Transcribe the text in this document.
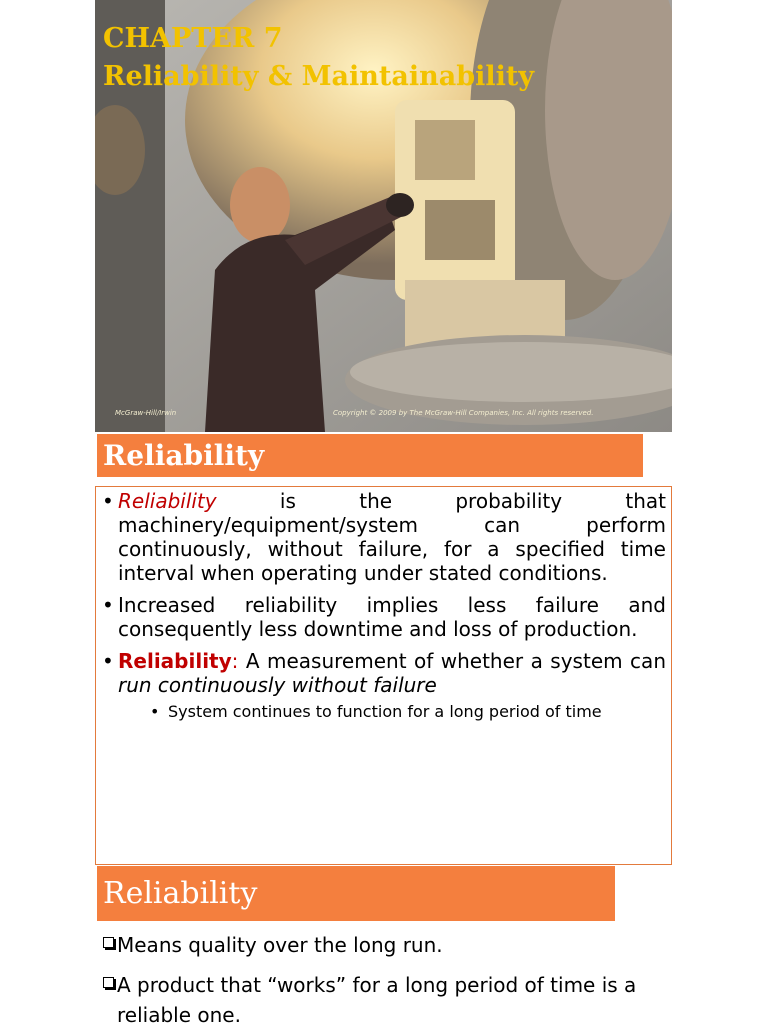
CHAPTER 7
Reliability & Maintainability
McGraw-Hill/Irwin	Copyright © 2009 by The McGraw-Hill Companies, Inc. All rights reserved.
Reliability
• Reliability is the probability that machinery/equipment/system can perform continuously, without failure, for a specified time interval when operating under stated conditions.
• Increased reliability implies less failure and consequently less downtime and loss of production.
• Reliability: A measurement of whether a system can run continuously without failure
• System continues to function for a long period of time
Reliability
Means quality over the long run.
A product that “works” for a long period of time is a reliable one.
